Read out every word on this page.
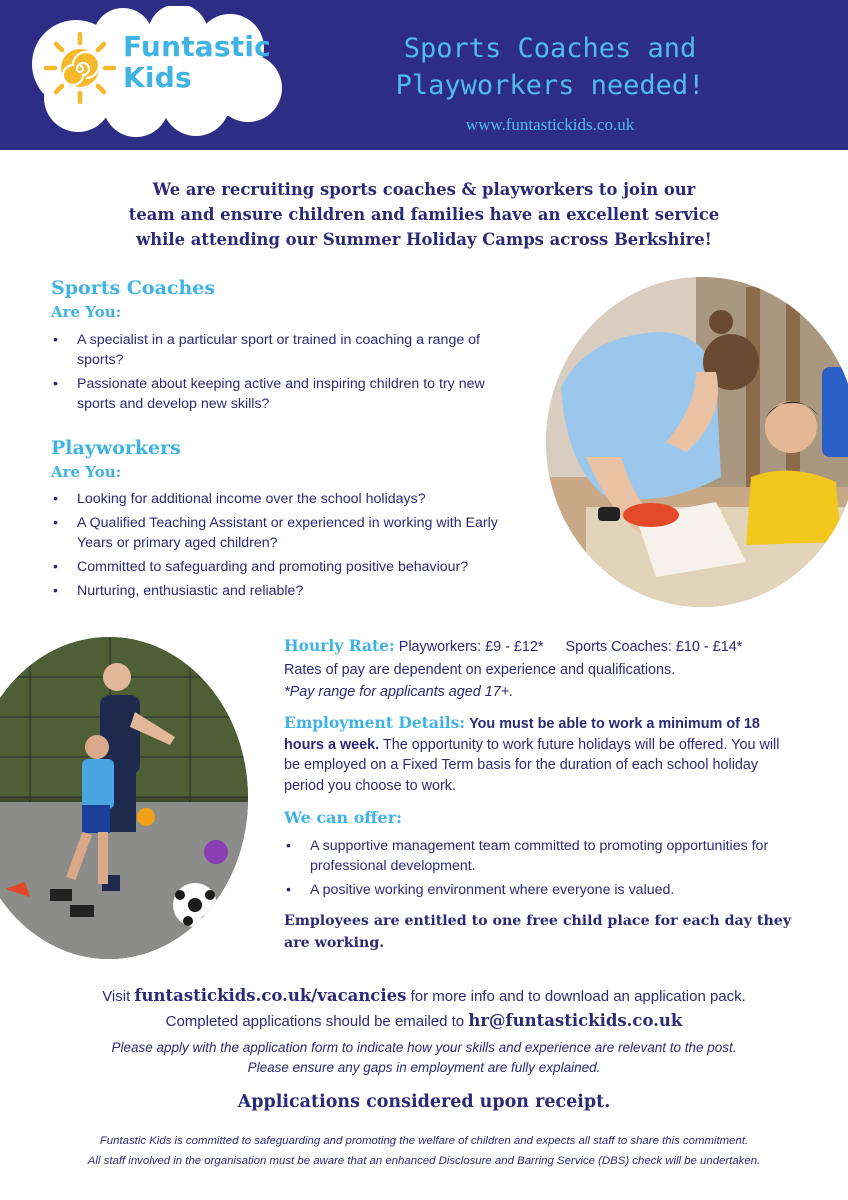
Funtastic
Kids
Sports Coaches and
Playworkers needed!
www.funtastickids.co.uk
We are recruiting sports coaches & playworkers to join our
team and ensure children and families have an excellent service
while attending our Summer Holiday Camps across Berkshire!
Sports Coaches
Are You:
• A specialist in a particular sport or trained in coaching a range of sports?
• Passionate about keeping active and inspiring children to try new sports and develop new skills?
Playworkers
Are You:
• Looking for additional income over the school holidays?
• A Qualified Teaching Assistant or experienced in working with Early Years or primary aged children?
• Committed to safeguarding and promoting positive behaviour?
• Nurturing, enthusiastic and reliable?
Hourly Rate: Playworkers: £9 - £12* Sports Coaches: £10 - £14*
Rates of pay are dependent on experience and qualifications.
*Pay range for applicants aged 17+.
Employment Details: You must be able to work a minimum of 18 hours a week. The opportunity to work future holidays will be offered. You will be employed on a Fixed Term basis for the duration of each school holiday period you choose to work.
We can offer:
• A supportive management team committed to promoting opportunities for professional development.
• A positive working environment where everyone is valued.
Employees are entitled to one free child place for each day they are working.
Visit funtastickids.co.uk/vacancies for more info and to download an application pack.
Completed applications should be emailed to hr@funtastickids.co.uk
Please apply with the application form to indicate how your skills and experience are relevant to the post.
Please ensure any gaps in employment are fully explained.
Applications considered upon receipt.
Funtastic Kids is committed to safeguarding and promoting the welfare of children and expects all staff to share this commitment.
All staff involved in the organisation must be aware that an enhanced Disclosure and Barring Service (DBS) check will be undertaken.
